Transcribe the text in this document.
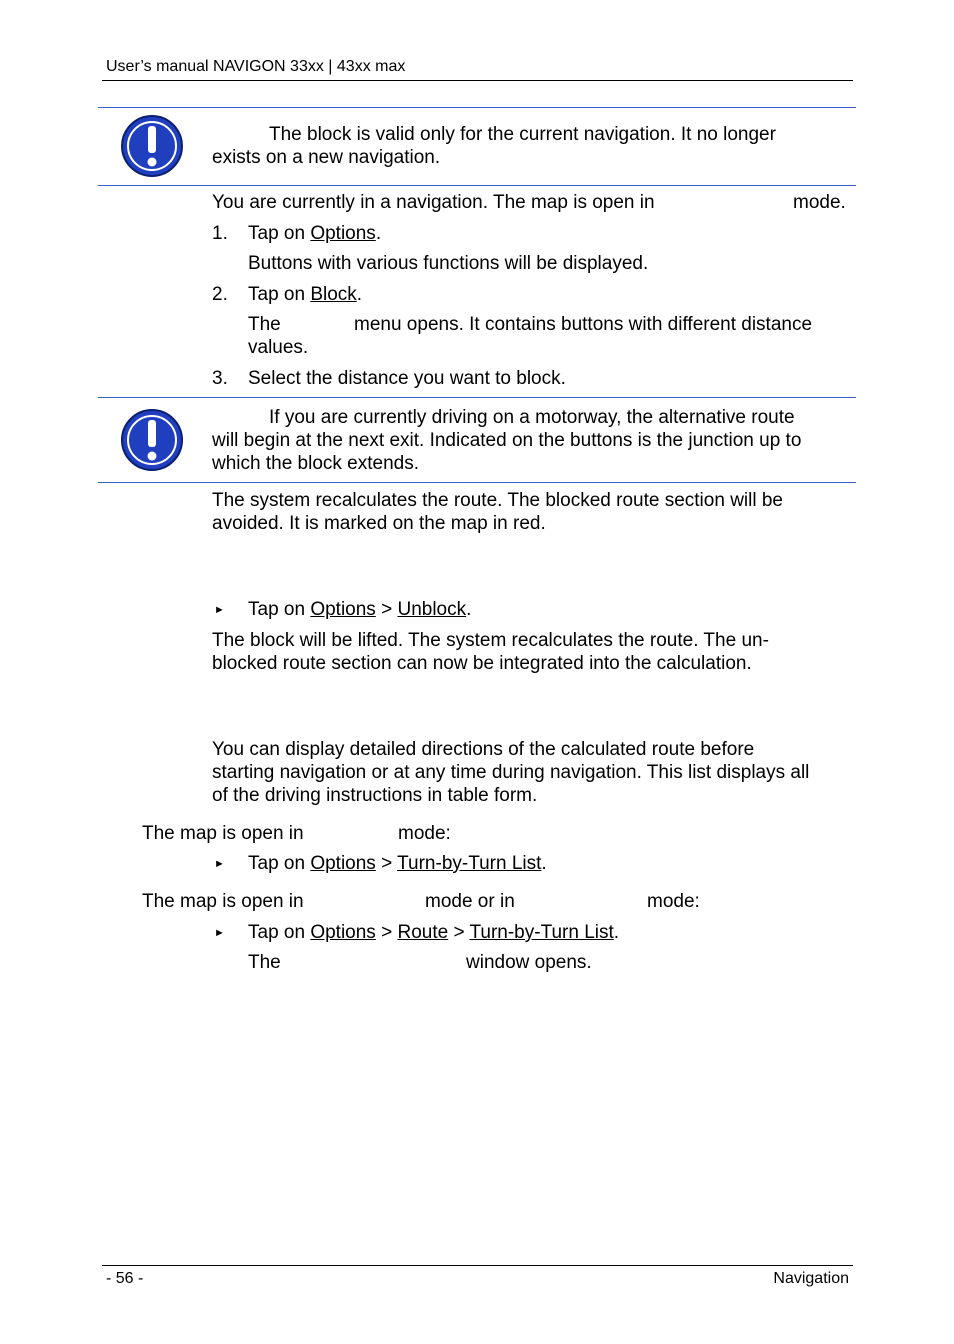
User’s manual NAVIGON 33xx | 43xx max
The block is valid only for the current navigation. It no longer
exists on a new navigation.
You are currently in a navigation. The map is open in	mode.
1. Tap on Options.
Buttons with various functions will be displayed.
2. Tap on Block.
The	menu opens. It contains buttons with different distance
values.
3. Select the distance you want to block.
If you are currently driving on a motorway, the alternative route
will begin at the next exit. Indicated on the buttons is the junction up to
which the block extends.
The system recalculates the route. The blocked route section will be
avoided. It is marked on the map in red.
► Tap on Options > Unblock.
The block will be lifted. The system recalculates the route. The un-
blocked route section can now be integrated into the calculation.
You can display detailed directions of the calculated route before
starting navigation or at any time during navigation. This list displays all
of the driving instructions in table form.
The map is open in	mode:
► Tap on Options > Turn-by-Turn List.
The map is open in	mode or in	mode:
► Tap on Options > Route > Turn-by-Turn List.
The	window opens.
- 56 -	Navigation
